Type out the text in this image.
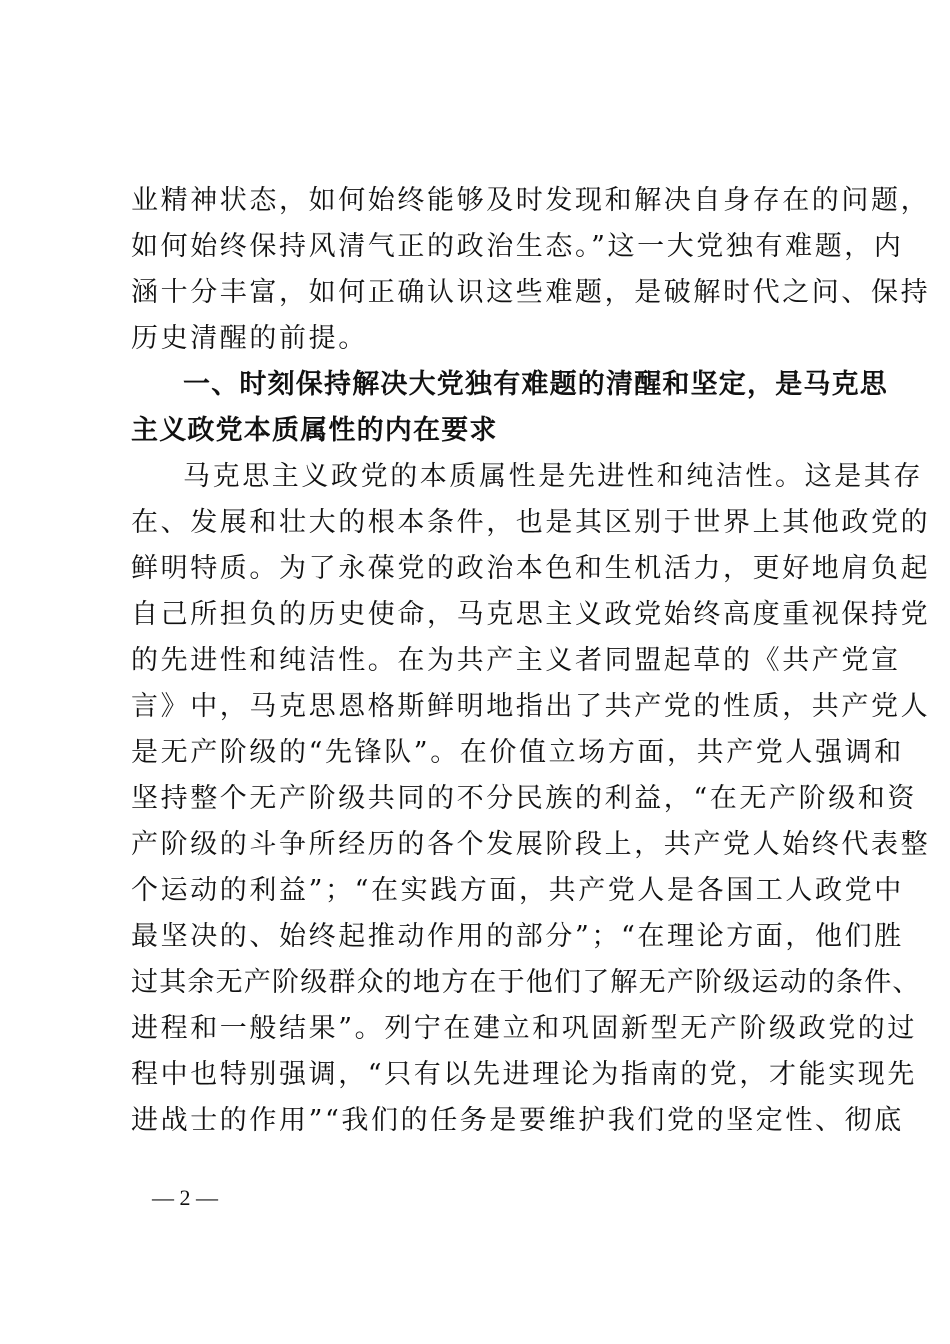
业精神状态，如何始终能够及时发现和解决自身存在的问题，
如何始终保持风清气正的政治生态。”这一大党独有难题，内
涵十分丰富，如何正确认识这些难题，是破解时代之问、保持
历史清醒的前提。
一、时刻保持解决大党独有难题的清醒和坚定，是马克思
主义政党本质属性的内在要求
马克思主义政党的本质属性是先进性和纯洁性。这是其存
在、发展和壮大的根本条件，也是其区别于世界上其他政党的
鲜明特质。为了永葆党的政治本色和生机活力，更好地肩负起
自己所担负的历史使命，马克思主义政党始终高度重视保持党
的先进性和纯洁性。在为共产主义者同盟起草的《共产党宣
言》中，马克思恩格斯鲜明地指出了共产党的性质，共产党人
是无产阶级的“先锋队”。在价值立场方面，共产党人强调和
坚持整个无产阶级共同的不分民族的利益，“在无产阶级和资
产阶级的斗争所经历的各个发展阶段上，共产党人始终代表整
个运动的利益”；“在实践方面，共产党人是各国工人政党中
最坚决的、始终起推动作用的部分”；“在理论方面，他们胜
过其余无产阶级群众的地方在于他们了解无产阶级运动的条件、
进程和一般结果”。列宁在建立和巩固新型无产阶级政党的过
程中也特别强调，“只有以先进理论为指南的党，才能实现先
进战士的作用”“我们的任务是要维护我们党的坚定性、彻底
— 2 —
